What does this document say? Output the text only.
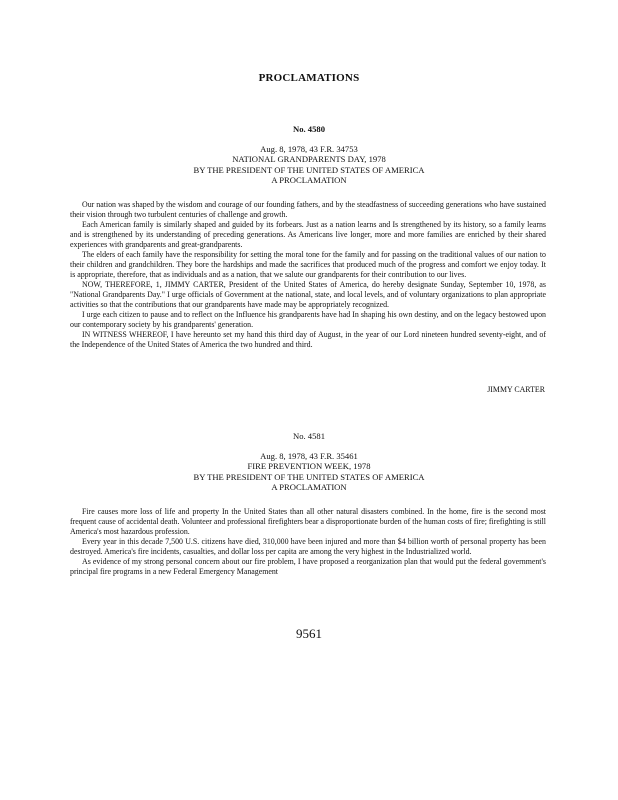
PROCLAMATIONS
No. 4580
Aug. 8, 1978, 43 F.R. 34753
NATIONAL GRANDPARENTS DAY, 1978
BY THE PRESIDENT OF THE UNITED STATES OF AMERICA
A PROCLAMATION

Our nation was shaped by the wisdom and courage of our founding fathers, and by the steadfastness of succeeding generations who have sustained their vision through two turbulent centuries of challenge and growth.

Each American family is similarly shaped and guided by its forbears. Just as a nation learns and Is strengthened by its history, so a family learns and is strengthened by its understanding of preceding generations. As Americans live longer, more and more families are enriched by their shared experiences with grandparents and great-grandparents.

The elders of each family have the responsibility for setting the moral tone for the family and for passing on the traditional values of our nation to their children and grandchildren. They bore the hardships and made the sacrifices that produced much of the progress and comfort we enjoy today. It is appropriate, therefore, that as individuals and as a nation, that we salute our grandparents for their contribution to our lives.

NOW, THEREFORE, 1, JIMMY CARTER, President of the United States of America, do hereby designate Sunday, September 10, 1978, as "National Grandparents Day." I urge officials of Government at the national, state, and local levels, and of voluntary organizations to plan appropriate activities so that the contributions that our grandparents have made may be appropriately recognized.

I urge each citizen to pause and to reflect on the Influence his grandparents have had In shaping his own destiny, and on the legacy bestowed upon our contemporary society by his grandparents' generation.

IN WITNESS WHEREOF, I have hereunto set my hand this third day of August, in the year of our Lord nineteen hundred seventy-eight, and of the Independence of the United States of America the two hundred and third.

JIMMY CARTER
No. 4581
Aug. 8, 1978, 43 F.R. 35461
FIRE PREVENTION WEEK, 1978
BY THE PRESIDENT OF THE UNITED STATES OF AMERICA
A PROCLAMATION

Fire causes more loss of life and property In the United States than all other natural disasters combined. In the home, fire is the second most frequent cause of accidental death. Volunteer and professional firefighters bear a disproportionate burden of the human costs of fire; firefighting is still America's most hazardous profession.

Every year in this decade 7,500 U.S. citizens have died, 310,000 have been injured and more than $4 billion worth of personal property has been destroyed. America's fire incidents, casualties, and dollar loss per capita are among the very highest in the Industrialized world.

As evidence of my strong personal concern about our fire problem, I have proposed a reorganization plan that would put the federal government's principal fire programs in a new Federal Emergency Management

9561
